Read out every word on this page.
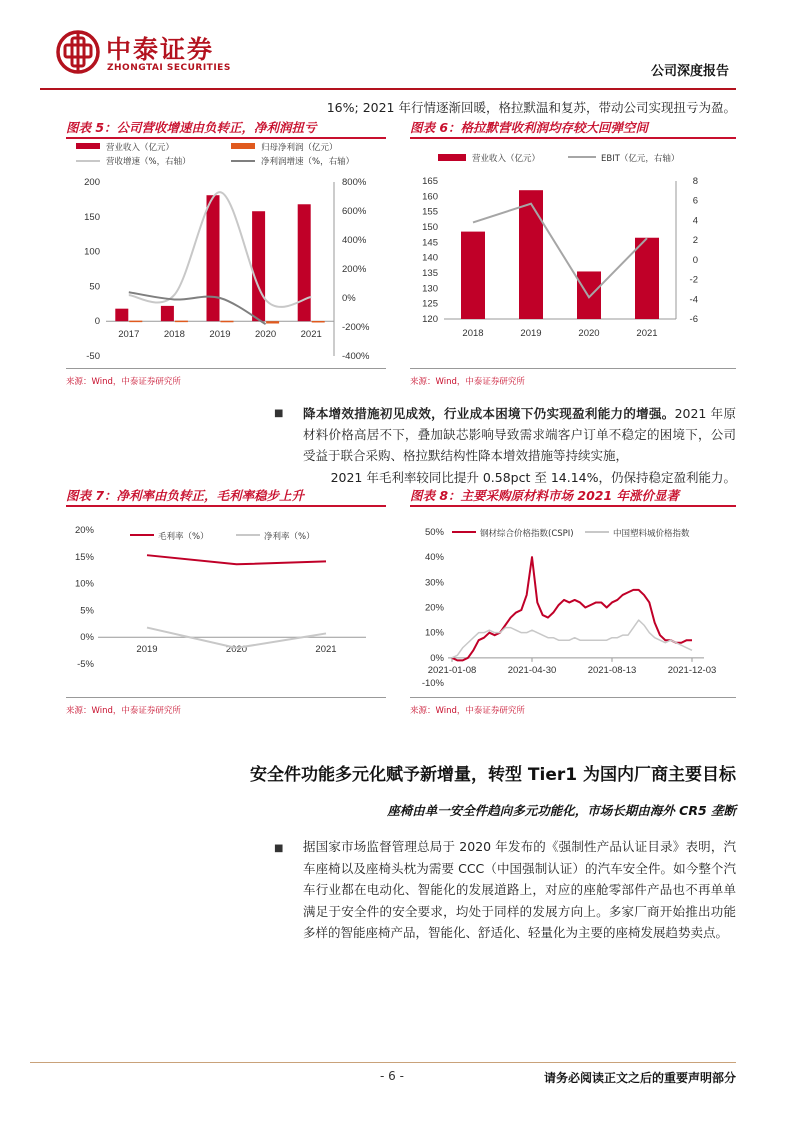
中泰证券
ZHONGTAI SECURITIES	公司深度报告
16%; 2021 年行情逐渐回暖，格拉默温和复苏，带动公司实现扭亏为盈。
图表 5：公司营收增速由负转正，净利润扭亏
营业收入（亿元）	归母净利润（亿元）
营收增速（%，右轴）	净利润增速（%，右轴）
-50
0
50
100
150
200
-400%
-200%
0%
200%
400%
600%
800%
2017	2018	2019	2020	2021
来源：Wind，中泰证券研究所
图表 6：格拉默营收利润均存较大回弹空间
营业收入（亿元）	EBIT（亿元，右轴）
120
125
130
135
140
145
150
155
160
165
-6
-4
-2
0
2
4
6
8
2018	2019	2020	2021
来源：Wind，中泰证券研究所
■ 降本增效措施初见成效，行业成本困境下仍实现盈利能力的增强。2021 年原材料价格高居不下，叠加缺芯影响导致需求端客户订单不稳定的困境下，公司受益于联合采购、格拉默结构性降本增效措施等持续实施，
2021 年毛利率较同比提升 0.58pct 至 14.14%，仍保持稳定盈利能力。
图表 7：净利率由负转正，毛利率稳步上升
毛利率（%）	净利率（%）
-5%
0%
5%
10%
15%
20%
2019	2020	2021
来源：Wind，中泰证券研究所
图表 8：主要采购原材料市场 2021 年涨价显著
钢材综合价格指数(CSPI)	中国塑料城价格指数
-10%
0%
10%
20%
30%
40%
50%
2021-01-08	2021-04-30	2021-08-13	2021-12-03
来源：Wind，中泰证券研究所
安全件功能多元化赋予新增量，转型 Tier1 为国内厂商主要目标
座椅由单一安全件趋向多元功能化，市场长期由海外 CR5 垄断
■ 据国家市场监督管理总局于 2020 年发布的《强制性产品认证目录》表明，汽车座椅以及座椅头枕为需要 CCC（中国强制认证）的汽车安全件。如今整个汽车行业都在电动化、智能化的发展道路上，对应的座舱零部件产品也不再单单满足于安全件的安全要求，均处于同样的发展方向上。多家厂商开始推出功能多样的智能座椅产品，智能化、舒适化、轻量化为主要的座椅发展趋势卖点。
- 6 -	请务必阅读正文之后的重要声明部分
